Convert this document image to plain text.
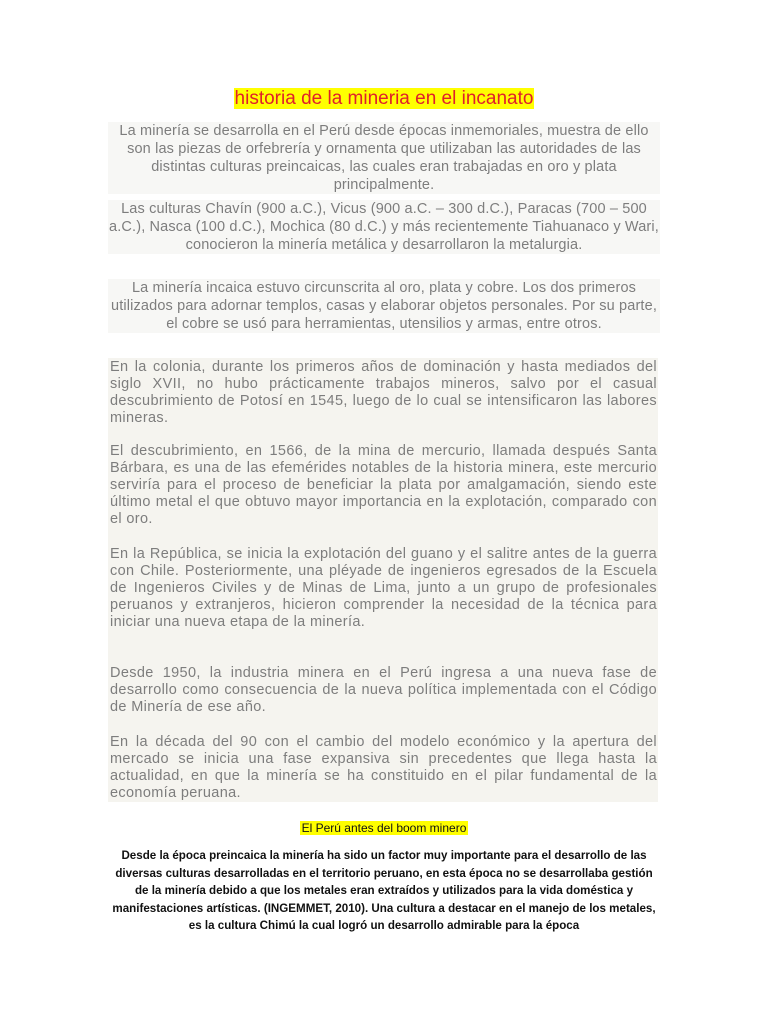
historia de la mineria en el incanato

La minería se desarrolla en el Perú desde épocas inmemoriales, muestra de ello son las piezas de orfebrería y ornamenta que utilizaban las autoridades de las distintas culturas preincaicas, las cuales eran trabajadas en oro y plata principalmente.

Las culturas Chavín (900 a.C.), Vicus (900 a.C. – 300 d.C.), Paracas (700 – 500 a.C.), Nasca (100 d.C.), Mochica (80 d.C.) y más recientemente Tiahuanaco y Wari, conocieron la minería metálica y desarrollaron la metalurgia.

La minería incaica estuvo circunscrita al oro, plata y cobre. Los dos primeros utilizados para adornar templos, casas y elaborar objetos personales. Por su parte, el cobre se usó para herramientas, utensilios y armas, entre otros.

En la colonia, durante los primeros años de dominación y hasta mediados del siglo XVII, no hubo prácticamente trabajos mineros, salvo por el casual descubrimiento de Potosí en 1545, luego de lo cual se intensificaron las labores mineras.
El descubrimiento, en 1566, de la mina de mercurio, llamada después Santa Bárbara, es una de las efemérides notables de la historia minera, este mercurio serviría para el proceso de beneficiar la plata por amalgamación, siendo este último metal el que obtuvo mayor importancia en la explotación, comparado con el oro.
En la República, se inicia la explotación del guano y el salitre antes de la guerra con Chile. Posteriormente, una pléyade de ingenieros egresados de la Escuela de Ingenieros Civiles y de Minas de Lima, junto a un grupo de profesionales peruanos y extranjeros, hicieron comprender la necesidad de la técnica para iniciar una nueva etapa de la minería.
Desde 1950, la industria minera en el Perú ingresa a una nueva fase de desarrollo como consecuencia de la nueva política implementada con el Código de Minería de ese año.
En la década del 90 con el cambio del modelo económico y la apertura del mercado se inicia una fase expansiva sin precedentes que llega hasta la actualidad, en que la minería se ha constituido en el pilar fundamental de la economía peruana.
El Perú antes del boom minero
Desde la época preincaica la minería ha sido un factor muy importante para el desarrollo de las diversas culturas desarrolladas en el territorio peruano, en esta época no se desarrollaba gestión de la minería debido a que los metales eran extraídos y utilizados para la vida doméstica y manifestaciones artísticas. (INGEMMET, 2010). Una cultura a destacar en el manejo de los metales, es la cultura Chimú la cual logró un desarrollo admirable para la época
